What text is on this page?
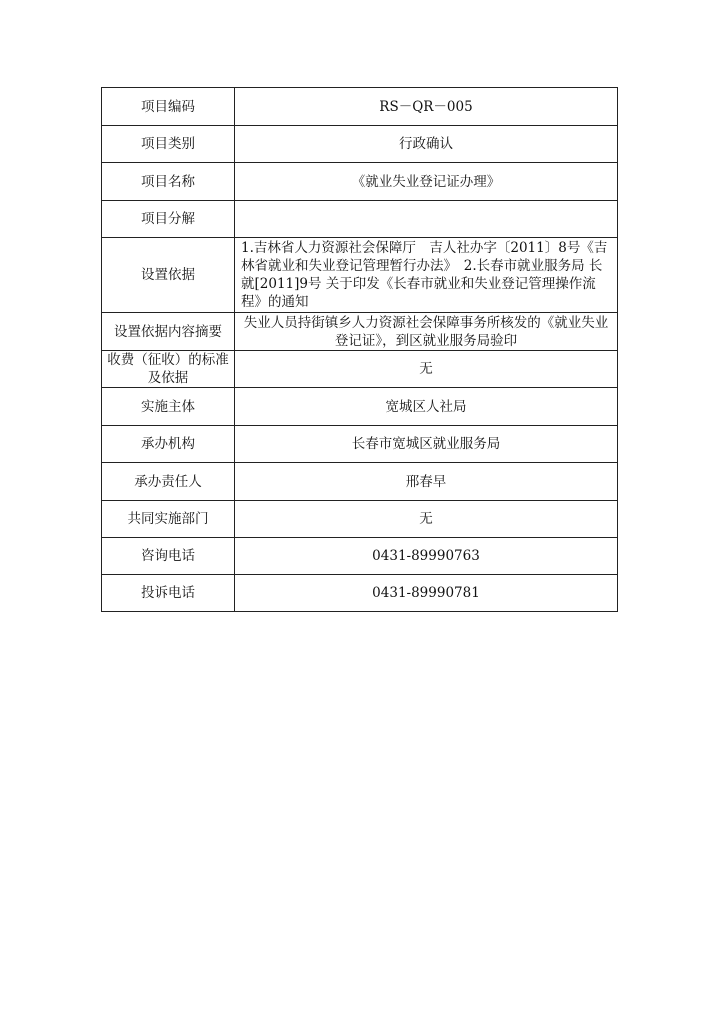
项目编码	RS－QR－005
项目类别	行政确认
项目名称	《就业失业登记证办理》
项目分解	
设置依据	1.吉林省人力资源社会保障厅　吉人社办字〔2011〕8号《吉林省就业和失业登记管理暂行办法》　2.长春市就业服务局 长就[2011]9号 关于印发《长春市就业和失业登记管理操作流程》的通知
设置依据内容摘要	失业人员持街镇乡人力资源社会保障事务所核发的《就业失业登记证》，到区就业服务局验印
收费（征收）的标准及依据	无
实施主体	宽城区人社局
承办机构	长春市宽城区就业服务局
承办责任人	邢春早
共同实施部门	无
咨询电话	0431-89990763
投诉电话	0431-89990781
